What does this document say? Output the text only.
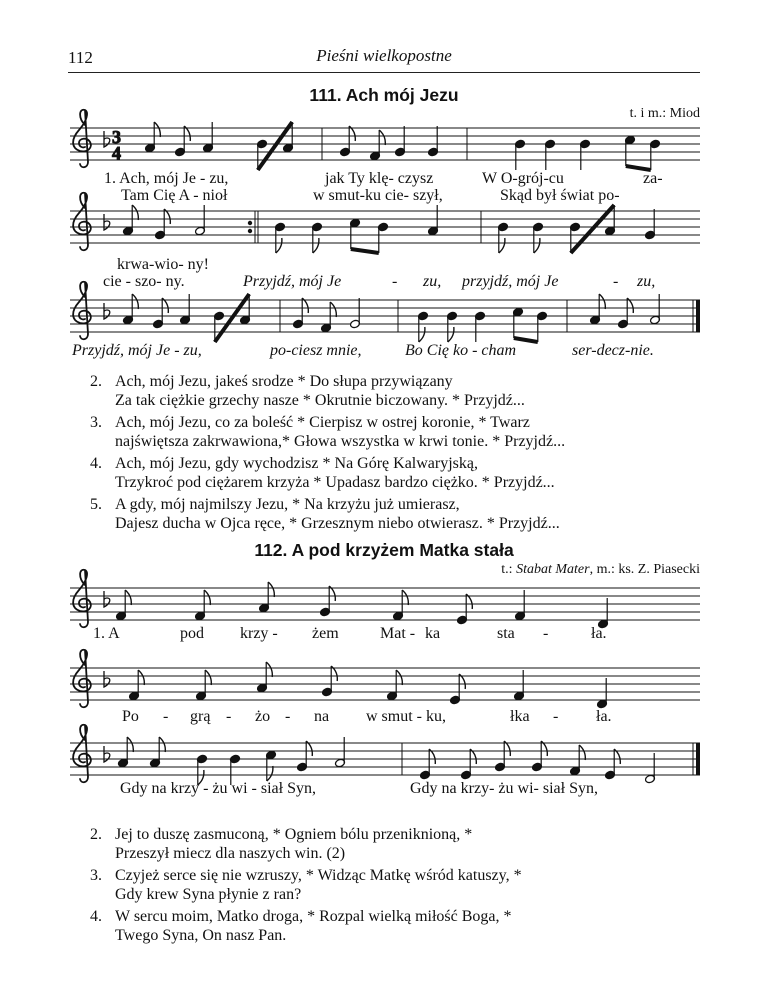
112	Pieśni wielkopostne
111. Ach mój Jezu
t. i m.: Miod
3
4
1. Ach, mój Je - zu,	jak Ty klę- czysz	W O-grój-cu	za-
Tam Cię A - nioł	w smut-ku cie- szył,	Skąd był świat po-
krwa-wio- ny!
cie - szo- ny.	Przyjdź, mój Je	- zu, przyjdź, mój Je	- zu,
Przyjdź, mój Je - zu,	po-ciesz mnie,	Bo Cię ko - cham	ser-decz-nie.
2. Ach, mój Jezu, jakeś srodze * Do słupa przywiązany
Za tak ciężkie grzechy nasze * Okrutnie biczowany. * Przyjdź...
3. Ach, mój Jezu, co za boleść * Cierpisz w ostrej koronie, * Twarz
najświętsza zakrwawiona,* Głowa wszystka w krwi tonie. * Przyjdź...
4. Ach, mój Jezu, gdy wychodzisz * Na Górę Kalwaryjską,
Trzykroć pod ciężarem krzyża * Upadasz bardzo ciężko. * Przyjdź...
5. A gdy, mój najmilszy Jezu, * Na krzyżu już umierasz,
Dajesz ducha w Ojca ręce, * Grzesznym niebo otwierasz. * Przyjdź...
112. A pod krzyżem Matka stała
t.: Stabat Mater, m.: ks. Z. Piasecki
1. A	pod krzy - żem	Mat - ka	sta -	ła.
Po - grą - żo - na w smut - ku,	łka - ła.
Gdy na krzy - żu wi - siał Syn,	Gdy na krzy- żu wi- siał Syn,
2. Jej to duszę zasmuconą, * Ogniem bólu przeniknioną, *
Przeszył miecz dla naszych win. (2)
3. Czyjeż serce się nie wzruszy, * Widząc Matkę wśród katuszy, *
Gdy krew Syna płynie z ran?
4. W sercu moim, Matko droga, * Rozpal wielką miłość Boga, *
Twego Syna, On nasz Pan.
